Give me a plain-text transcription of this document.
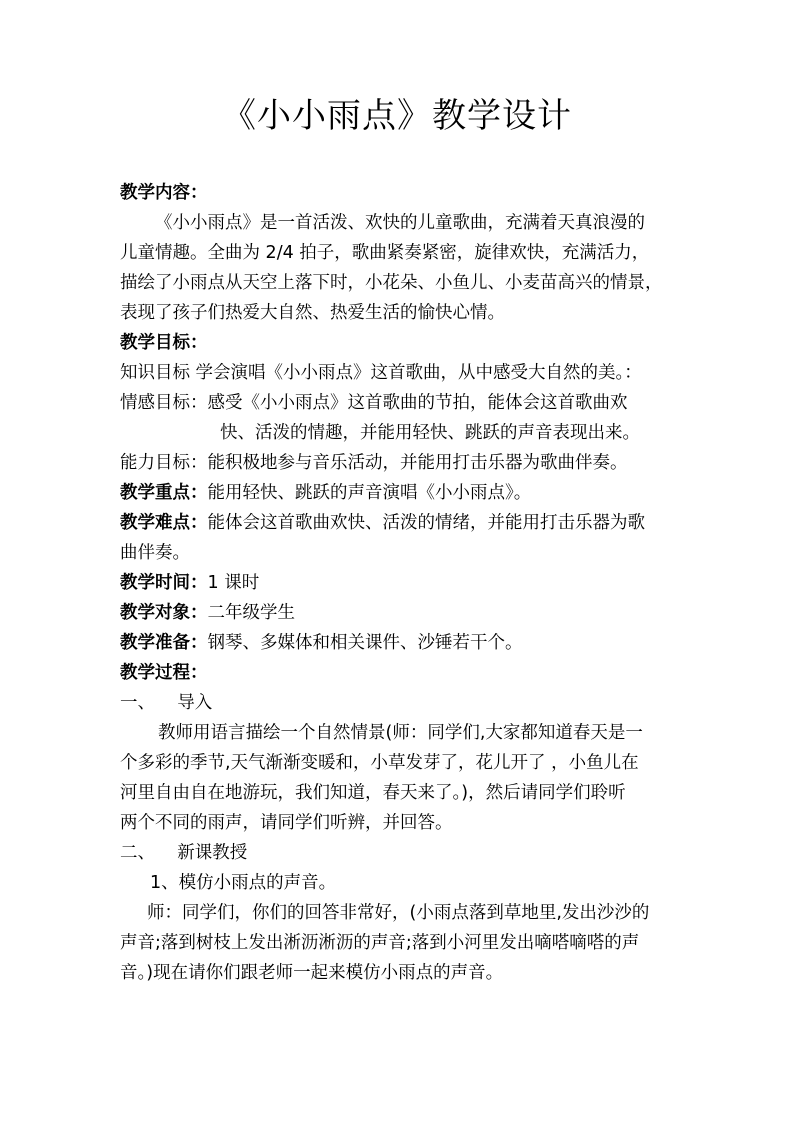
《小小雨点》教学设计
教学内容：
《小小雨点》是一首活泼、欢快的儿童歌曲，充满着天真浪漫的
儿童情趣。全曲为 2/4 拍子，歌曲紧奏紧密，旋律欢快，充满活力，
描绘了小雨点从天空上落下时，小花朵、小鱼儿、小麦苗高兴的情景，
表现了孩子们热爱大自然、热爱生活的愉快心情。
教学目标：
知识目标 学会演唱《小小雨点》这首歌曲，从中感受大自然的美。：
情感目标：感受《小小雨点》这首歌曲的节拍，能体会这首歌曲欢
快、活泼的情趣，并能用轻快、跳跃的声音表现出来。
能力目标：能积极地参与音乐活动，并能用打击乐器为歌曲伴奏。
教学重点：能用轻快、跳跃的声音演唱《小小雨点》。
教学难点：能体会这首歌曲欢快、活泼的情绪，并能用打击乐器为歌
曲伴奏。
教学时间：1 课时
教学对象：二年级学生
教学准备：钢琴、多媒体和相关课件、沙锤若干个。
教学过程：
一、    导入
教师用语言描绘一个自然情景(师：同学们,大家都知道春天是一
个多彩的季节,天气渐渐变暖和，小草发芽了，花儿开了 ，小鱼儿在
河里自由自在地游玩，我们知道，春天来了。)，然后请同学们聆听
两个不同的雨声，请同学们听辨，并回答。
二、    新课教授
1、模仿小雨点的声音。
师：同学们，你们的回答非常好，(小雨点落到草地里,发出沙沙的
声音;落到树枝上发出淅沥淅沥的声音;落到小河里发出嘀嗒嘀嗒的声
音。)现在请你们跟老师一起来模仿小雨点的声音。
